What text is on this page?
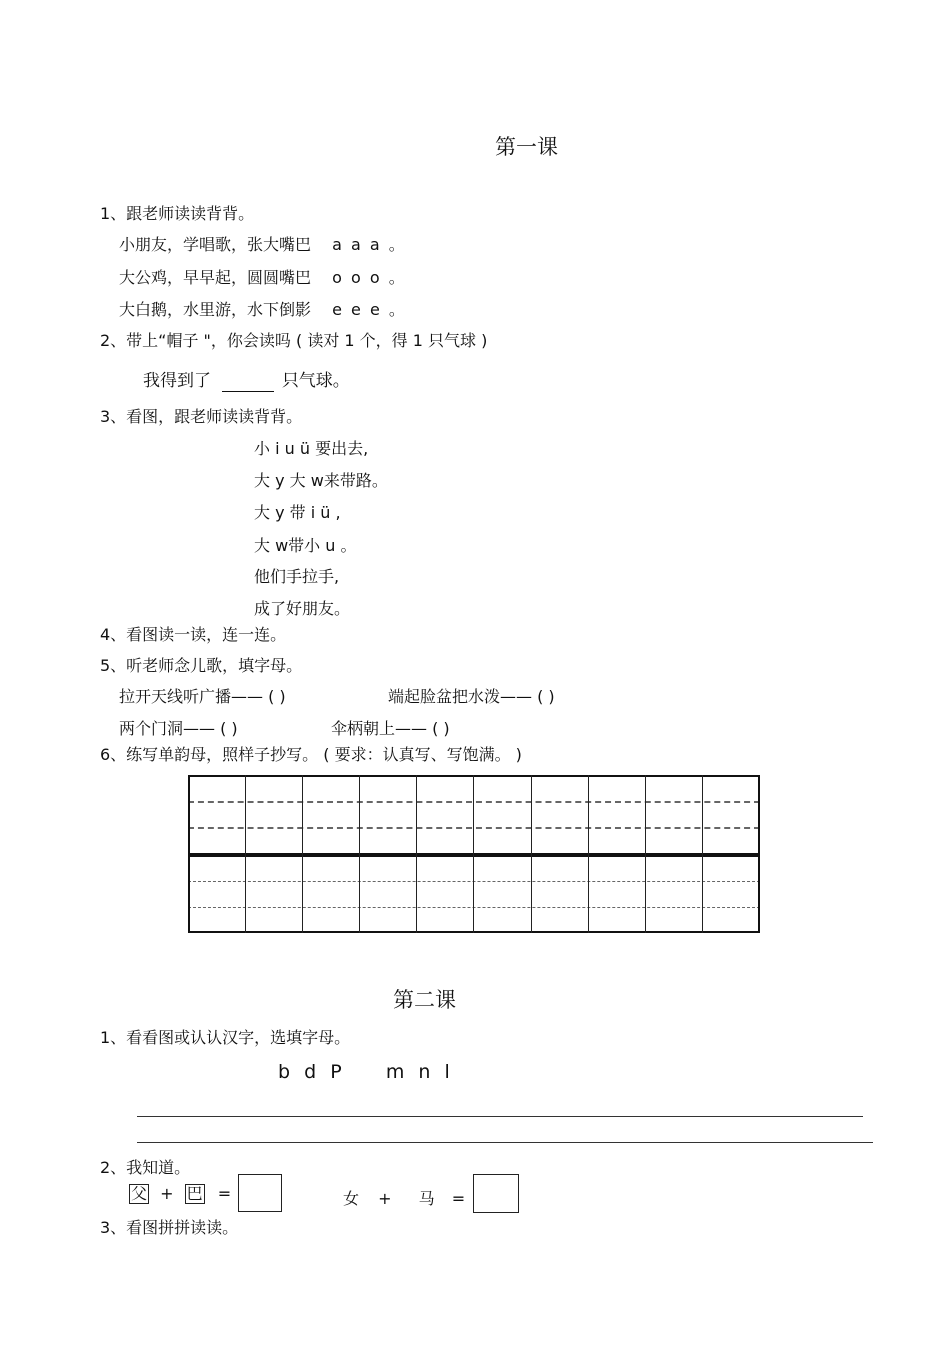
第一课
1、跟老师读读背背。
小朋友，学唱歌，张大嘴巴 a a a 。
大公鸡，早早起，圆圆嘴巴 o o o 。
大白鹅，水里游，水下倒影 e e e 。
2、带上“帽子 "，你会读吗 ( 读对 1 个，得 1 只气球 )
我得到了	只气球。
3、看图，跟老师读读背背。
小 i u ü 要出去,
大 y 大 w来带路。
大 y 带 i ü ,
大 w带小 u 。
他们手拉手,
成了好朋友。
4、看图读一读，连一连。
5、听老师念儿歌，填字母。
拉开天线听广播—— ( )	端起脸盆把水泼—— ( )
两个门洞—— ( )	伞柄朝上—— ( )
6、练写单韵母，照样子抄写。 ( 要求：认真写、写饱满。 )
第二课
1、看看图或认认汉字，选填字母。
b d P    m n l
2、我知道。
父 + 巴 =	女 + 马 =
3、看图拼拼读读。
